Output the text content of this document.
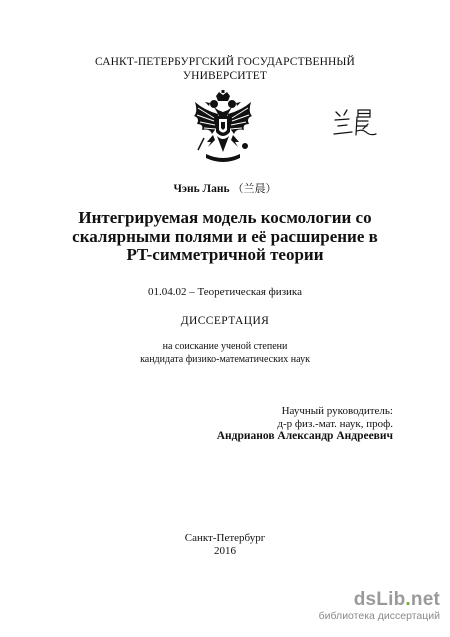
САНКТ-ПЕТЕРБУРГСКИЙ ГОСУДАРСТВЕННЫЙ
УНИВЕРСИТЕТ
Чэнь Лань （兰晨）
Интегрируемая модель космологии со
скалярными полями и её расширение в
PT-симметричной теории
01.04.02 – Теоретическая физика
ДИССЕРТАЦИЯ
на соискание ученой степени
кандидата физико-математических наук
Научный руководитель:
д-р физ.-мат. наук, проф.
Андрианов Александр Андреевич
Санкт-Петербург
2016
dsLib.net
библиотека диссертаций
